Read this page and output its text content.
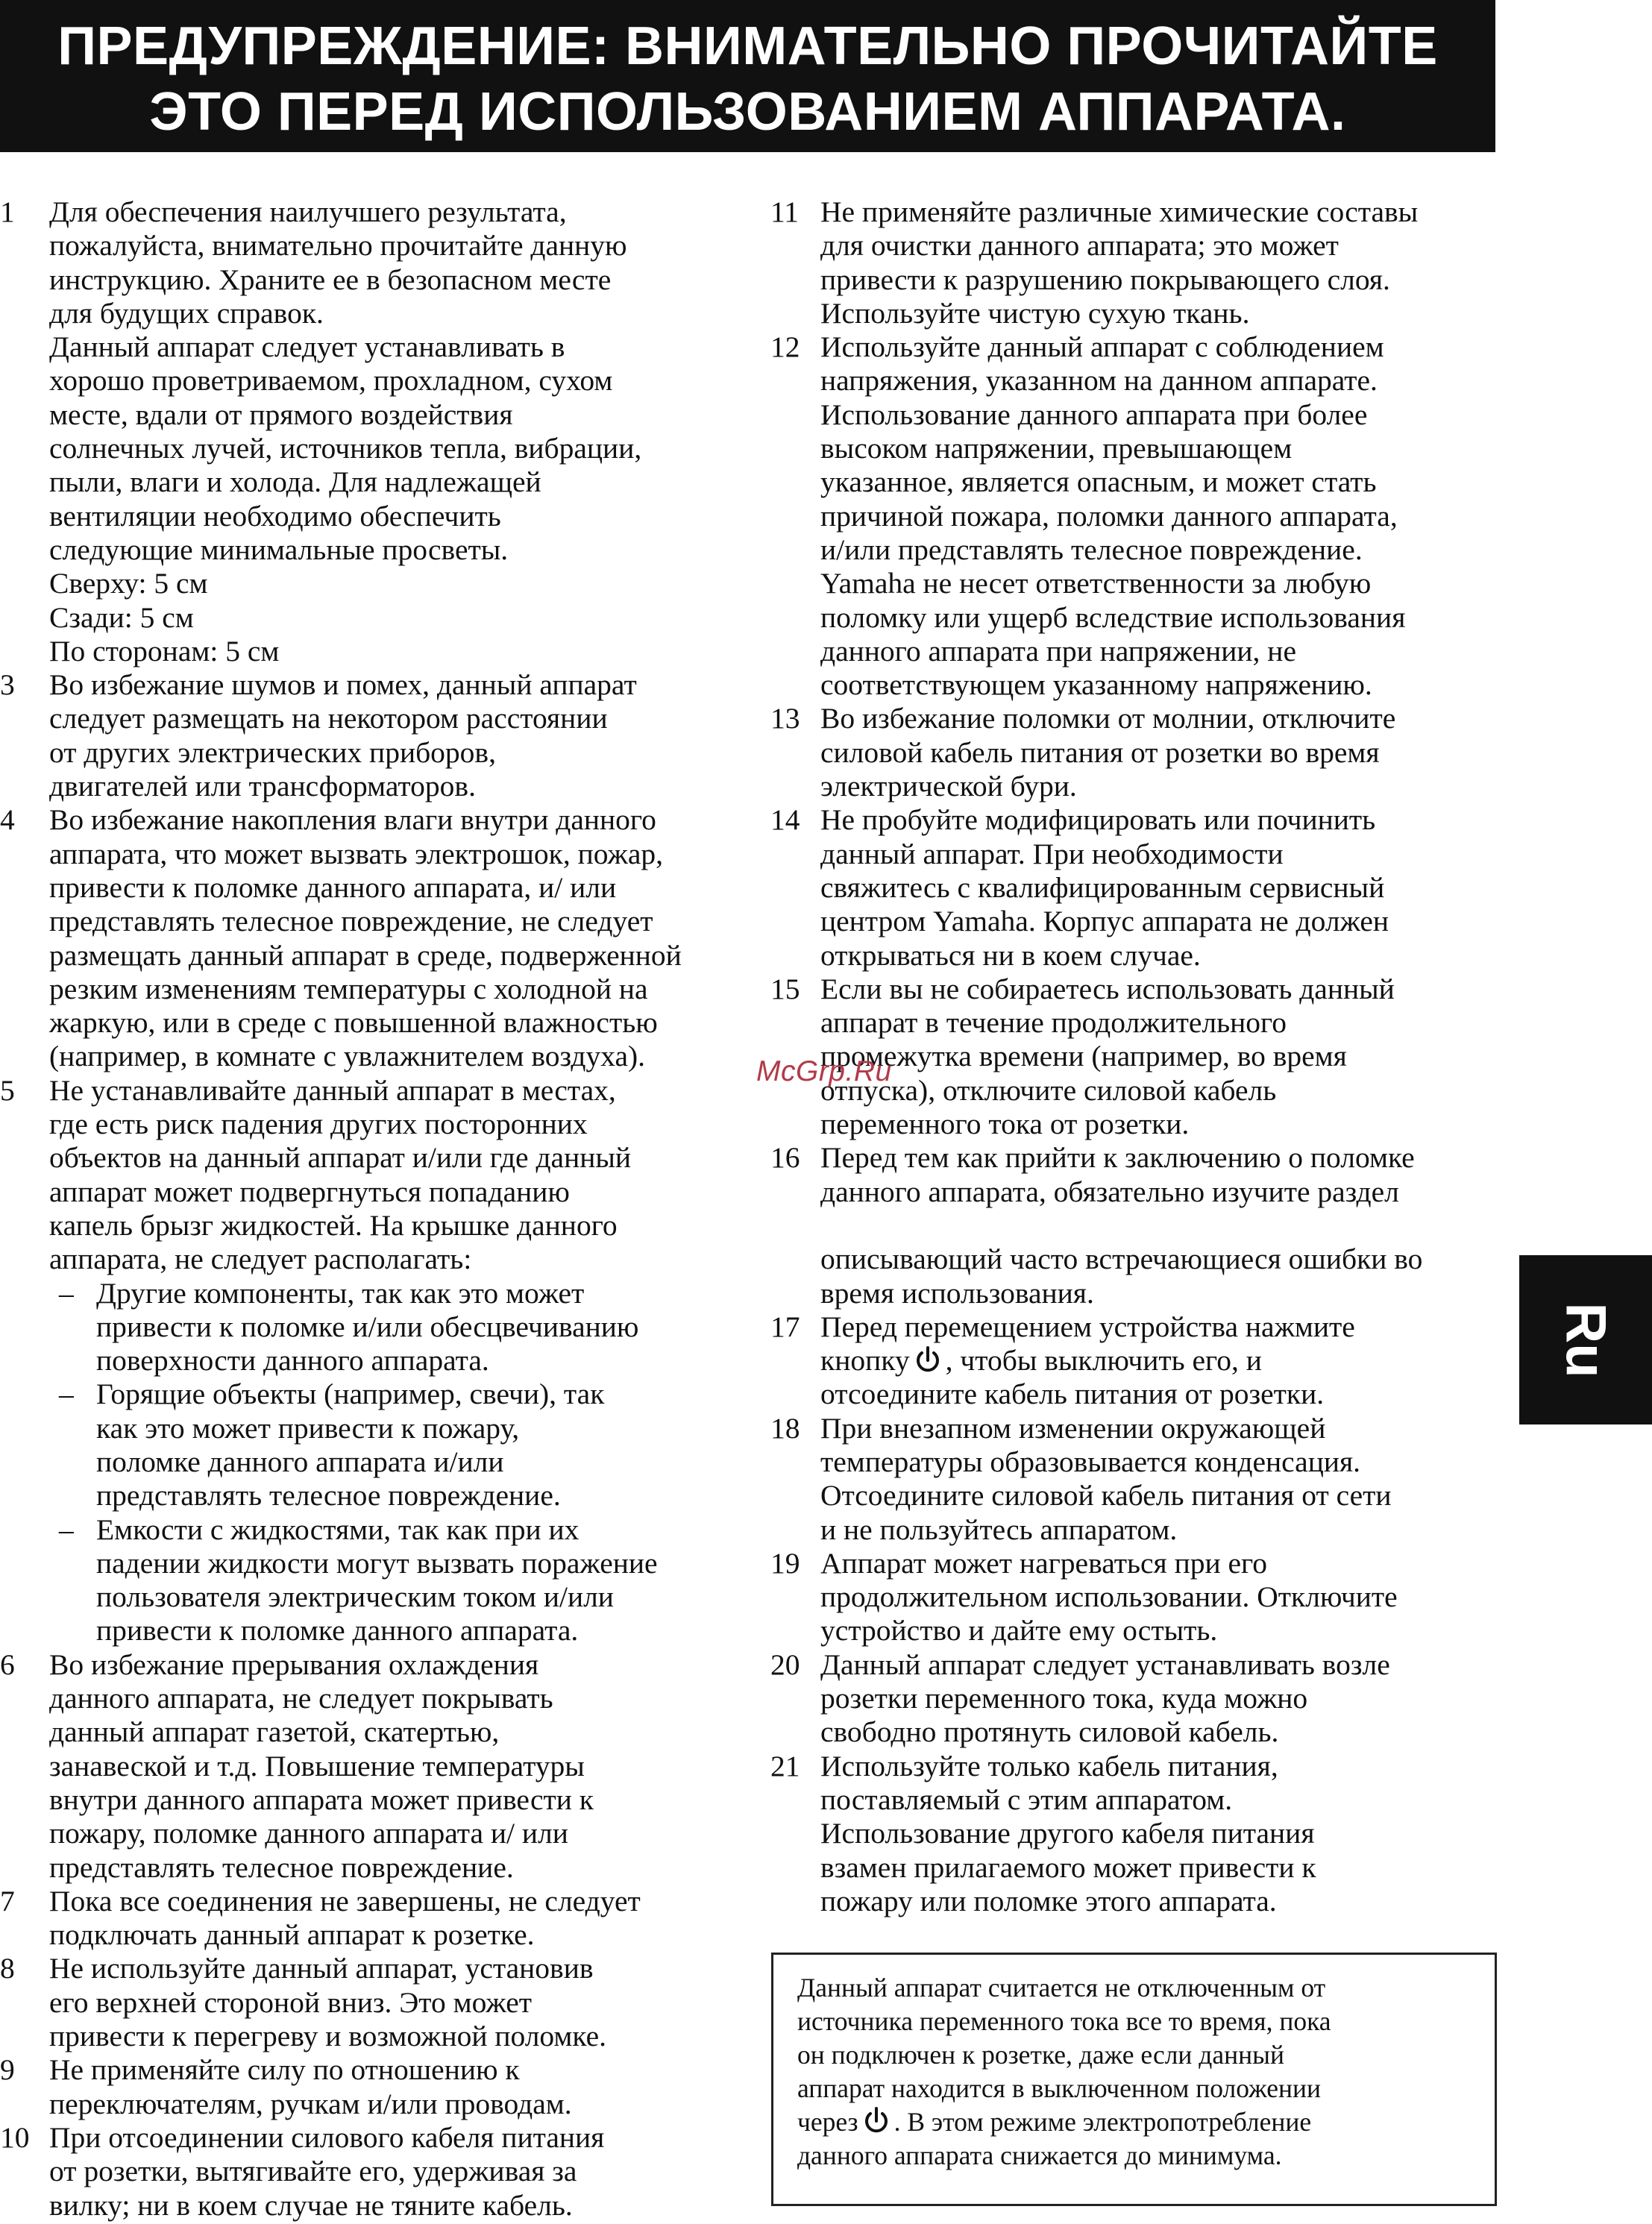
ПРЕДУПРЕЖДЕНИЕ: ВНИМАТЕЛЬНО ПРОЧИТАЙТЕ
ЭТО ПЕРЕД ИСПОЛЬЗОВАНИЕМ АППАРАТА.
1 Для обеспечения наилучшего результата,
пожалуйста, внимательно прочитайте данную
инструкцию. Храните ее в безопасном месте
для будущих справок.
Данный аппарат следует устанавливать в
хорошо проветриваемом, прохладном, сухом
месте, вдали от прямого воздействия
солнечных лучей, источников тепла, вибрации,
пыли, влаги и холода. Для надлежащей
вентиляции необходимо обеспечить
следующие минимальные просветы.
Сверху: 5 см
Сзади: 5 см
По сторонам: 5 см
3 Во избежание шумов и помех, данный аппарат
следует размещать на некотором расстоянии
от других электрических приборов,
двигателей или трансформаторов.
4 Во избежание накопления влаги внутри данного
аппарата, что может вызвать электрошок, пожар,
привести к поломке данного аппарата, и/ или
представлять телесное повреждение, не следует
размещать данный аппарат в среде, подверженной
резким изменениям температуры с холодной на
жаркую, или в среде с повышенной влажностью
(например, в комнате с увлажнителем воздуха).
5 Не устанавливайте данный аппарат в местах,
где есть риск падения других посторонних
объектов на данный аппарат и/или где данный
аппарат может подвергнуться попаданию
капель брызг жидкостей. На крышке данного
аппарата, не следует располагать:
– Другие компоненты, так как это может
привести к поломке и/или обесцвечиванию
поверхности данного аппарата.
– Горящие объекты (например, свечи), так
как это может привести к пожару,
поломке данного аппарата и/или
представлять телесное повреждение.
– Емкости с жидкостями, так как при их
падении жидкости могут вызвать поражение
пользователя электрическим током и/или
привести к поломке данного аппарата.
6 Во избежание прерывания охлаждения
данного аппарата, не следует покрывать
данный аппарат газетой, скатертью,
занавеской и т.д. Повышение температуры
внутри данного аппарата может привести к
пожару, поломке данного аппарата и/ или
представлять телесное повреждение.
7 Пока все соединения не завершены, не следует
подключать данный аппарат к розетке.
8 Не используйте данный аппарат, установив
его верхней стороной вниз. Это может
привести к перегреву и возможной поломке.
9 Не применяйте силу по отношению к
переключателям, ручкам и/или проводам.
10 При отсоединении силового кабеля питания
от розетки, вытягивайте его, удерживая за
вилку; ни в коем случае не тяните кабель.
11 Не применяйте различные химические составы
для очистки данного аппарата; это может
привести к разрушению покрывающего слоя.
Используйте чистую сухую ткань.
12 Используйте данный аппарат с соблюдением
напряжения, указанном на данном аппарате.
Использование данного аппарата при более
высоком напряжении, превышающем
указанное, является опасным, и может стать
причиной пожара, поломки данного аппарата,
и/или представлять телесное повреждение.
Yamaha не несет ответственности за любую
поломку или ущерб вследствие использования
данного аппарата при напряжении, не
соответствующем указанному напряжению.
13 Во избежание поломки от молнии, отключите
силовой кабель питания от розетки во время
электрической бури.
14 Не пробуйте модифицировать или починить
данный аппарат. При необходимости
свяжитесь с квалифицированным сервисный
центром Yamaha. Корпус аппарата не должен
открываться ни в коем случае.
15 Если вы не собираетесь использовать данный
аппарат в течение продолжительного
промежутка времени (например, во время
отпуска), отключите силовой кабель
переменного тока от розетки.
16 Перед тем как прийти к заключению о поломке
данного аппарата, обязательно изучите раздел
описывающий часто встречающиеся ошибки во
время использования.
17 Перед перемещением устройства нажмите
кнопку , чтобы выключить его, и
отсоедините кабель питания от розетки.
18 При внезапном изменении окружающей
температуры образовывается конденсация.
Отсоедините силовой кабель питания от сети
и не пользуйтесь аппаратом.
19 Аппарат может нагреваться при его
продолжительном использовании. Отключите
устройство и дайте ему остыть.
20 Данный аппарат следует устанавливать возле
розетки переменного тока, куда можно
свободно протянуть силовой кабель.
21 Используйте только кабель питания,
поставляемый с этим аппаратом.
Использование другого кабеля питания
взамен прилагаемого может привести к
пожару или поломке этого аппарата.
Данный аппарат считается не отключенным от
источника переменного тока все то время, пока
он подключен к розетке, даже если данный
аппарат находится в выключенном положении
через . В этом режиме электропотребление
данного аппарата снижается до минимума.
Ru
McGrp.Ru
